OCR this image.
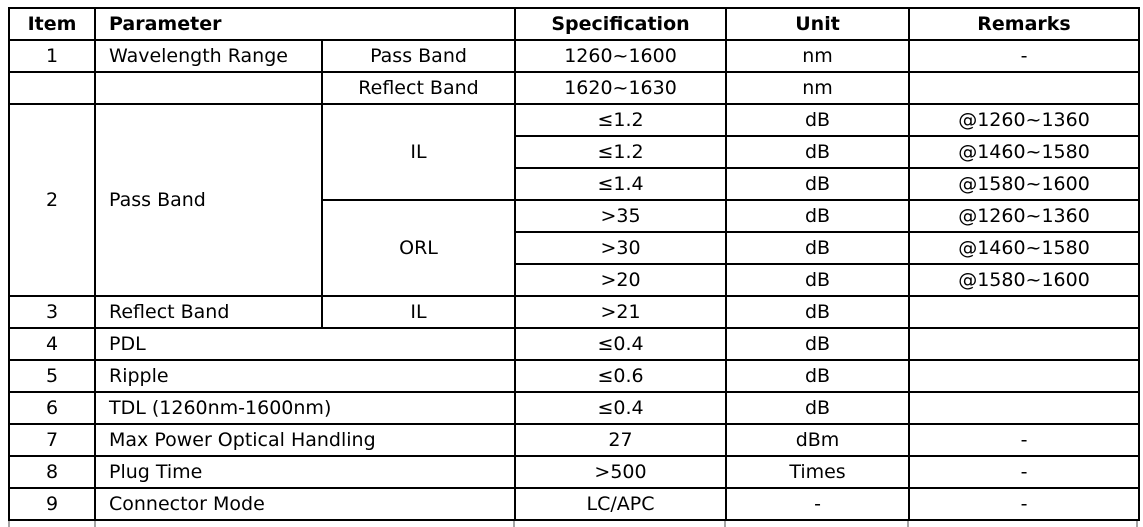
Item	Parameter		Specification	Unit	Remarks
1	Wavelength Range	Pass Band	1260~1600	nm	-
		Reflect Band	1620~1630	nm	
2	Pass Band	IL	≤1.2	dB	@1260~1360
			≤1.2	dB	@1460~1580
			≤1.4	dB	@1580~1600
		ORL	>35	dB	@1260~1360
			>30	dB	@1460~1580
			>20	dB	@1580~1600
3	Reflect Band	IL	>21	dB	
4	PDL		≤0.4	dB	
5	Ripple		≤0.6	dB	
6	TDL (1260nm-1600nm)		≤0.4	dB	
7	Max Power Optical Handling		27	dBm	-
8	Plug Time		>500	Times	-
9	Connector Mode		LC/APC	-	-
